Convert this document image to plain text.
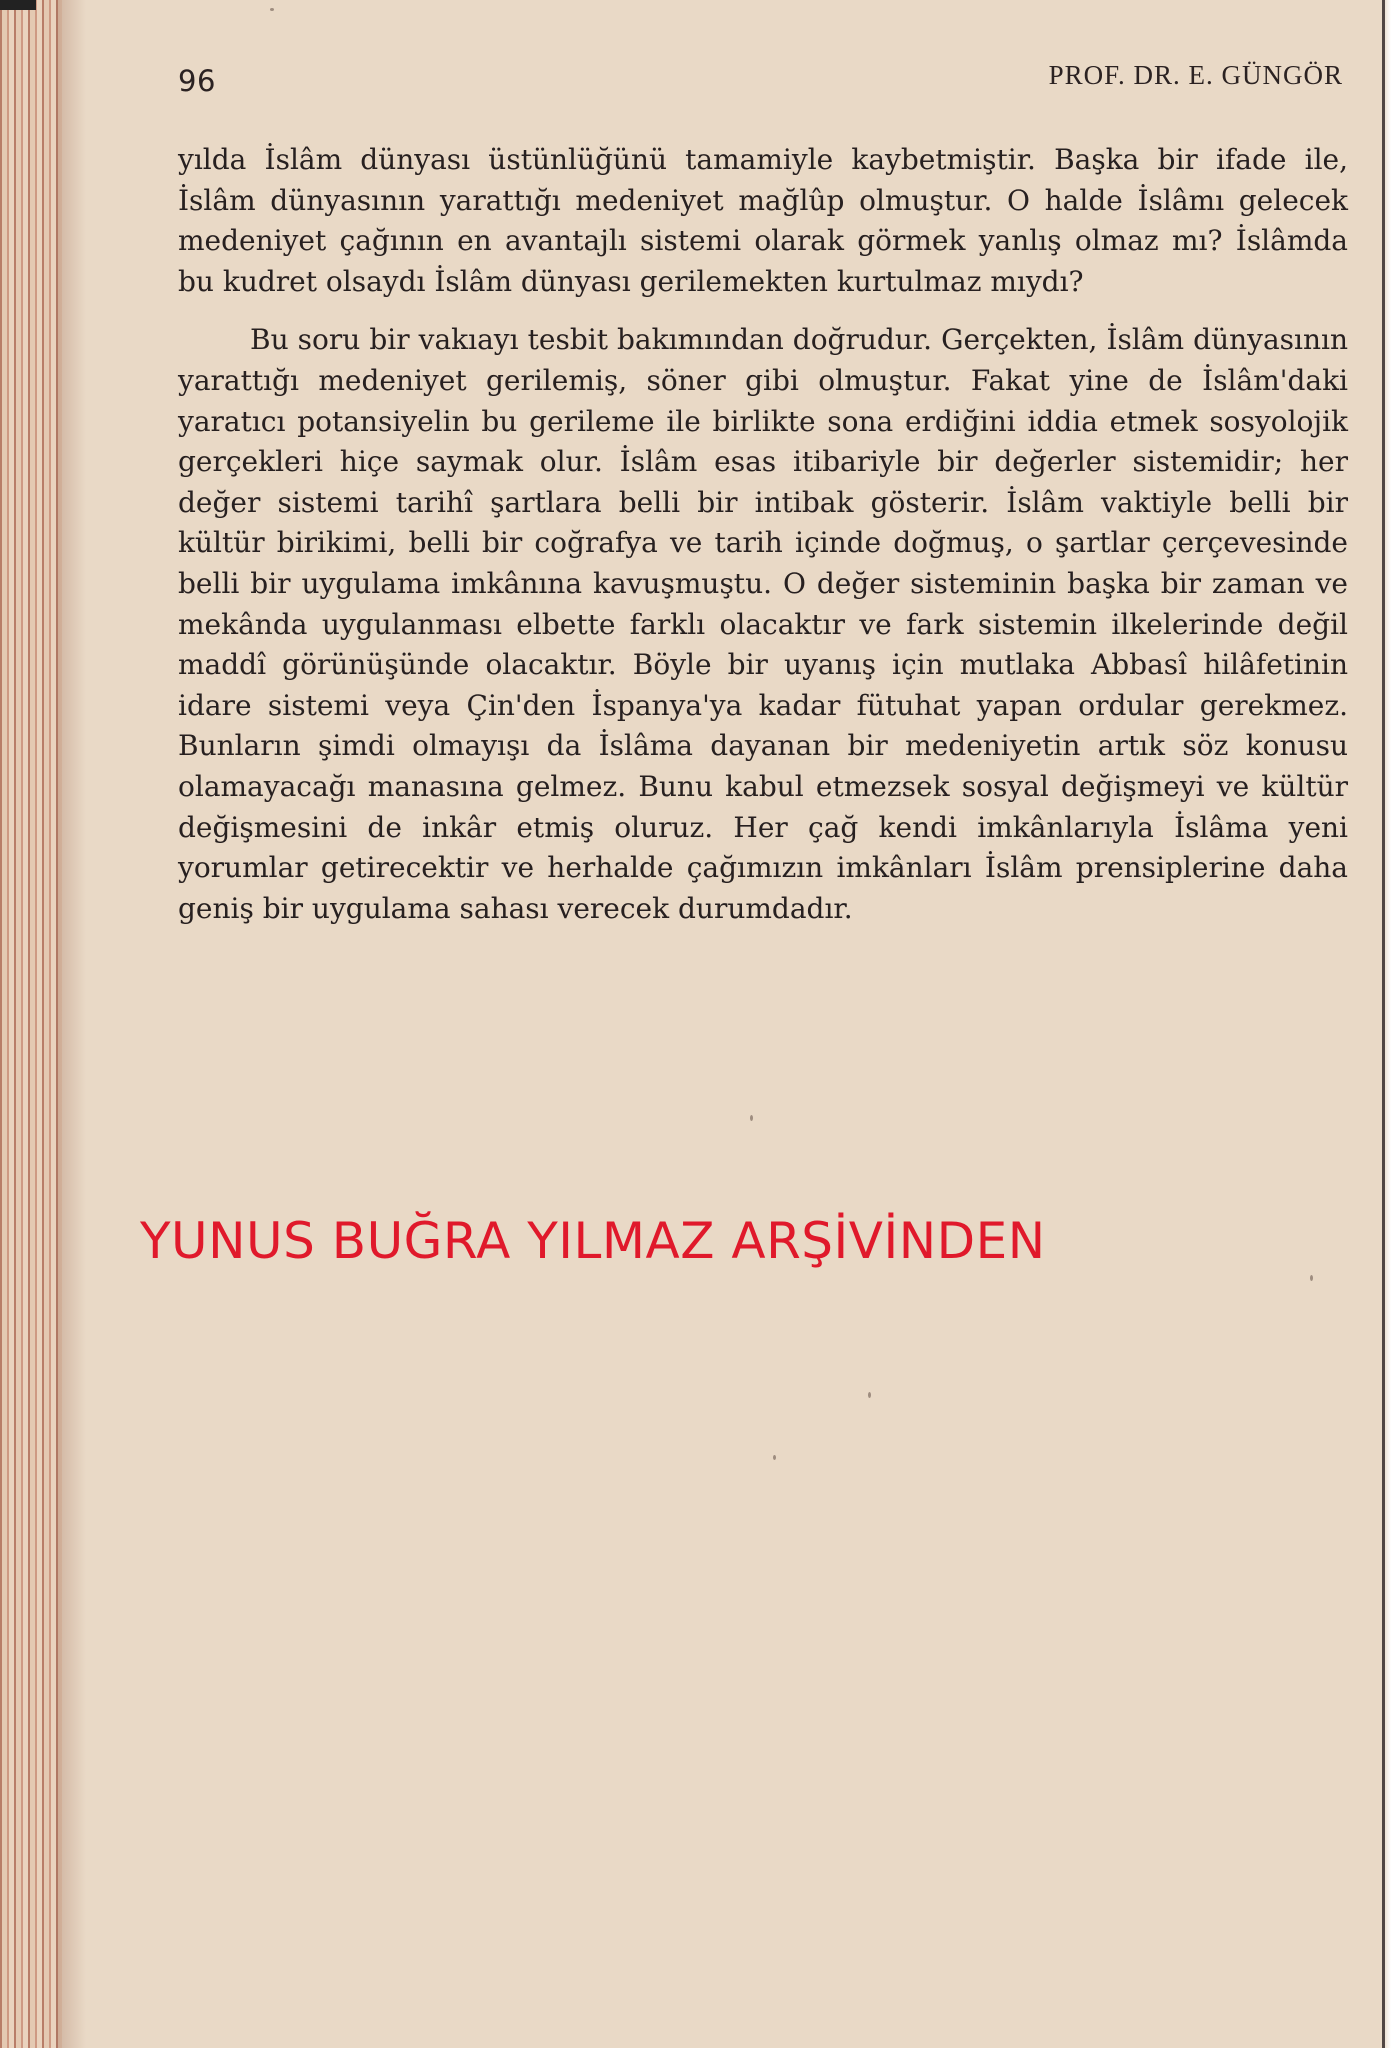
96	PROF. DR. E. GÜNGÖR

yılda İslâm dünyası üstünlüğünü tamamiyle kaybetmiştir. Başka bir ifade ile, İslâm dünyasının yarattığı medeniyet mağlûp olmuştur. O halde İslâmı gelecek medeniyet çağının en avantajlı sistemi olarak görmek yanlış olmaz mı? İslâmda bu kudret olsaydı İslâm dünyası gerilemekten kurtulmaz mıydı?

Bu soru bir vakıayı tesbit bakımından doğrudur. Gerçekten, İslâm dünyasının yarattığı medeniyet gerilemiş, söner gibi olmuştur. Fakat yine de İslâm'daki yaratıcı potansiyelin bu gerileme ile birlikte sona erdiğini iddia etmek sosyolojik gerçekleri hiçe saymak olur. İslâm esas itibariyle bir değerler sistemidir; her değer sistemi tarihî şartlara belli bir intibak gösterir. İslâm vaktiyle belli bir kültür birikimi, belli bir coğrafya ve tarih içinde doğmuş, o şartlar çerçevesinde belli bir uygulama imkânına kavuşmuştu. O değer sisteminin başka bir zaman ve mekânda uygulanması elbette farklı olacaktır ve fark sistemin ilkelerinde değil maddî görünüşünde olacaktır. Böyle bir uyanış için mutlaka Abbasî hilâfetinin idare sistemi veya Çin'den İspanya'ya kadar fütuhat yapan ordular gerekmez. Bunların şimdi olmayışı da İslâma dayanan bir medeniyetin artık söz konusu olamayacağı manasına gelmez. Bunu kabul etmezsek sosyal değişmeyi ve kültür değişmesini de inkâr etmiş oluruz. Her çağ kendi imkânlarıyla İslâma yeni yorumlar getirecektir ve herhalde çağımızın imkânları İslâm prensiplerine daha geniş bir uygulama sahası verecek durumdadır.

YUNUS BUĞRA YILMAZ ARŞİVİNDEN
